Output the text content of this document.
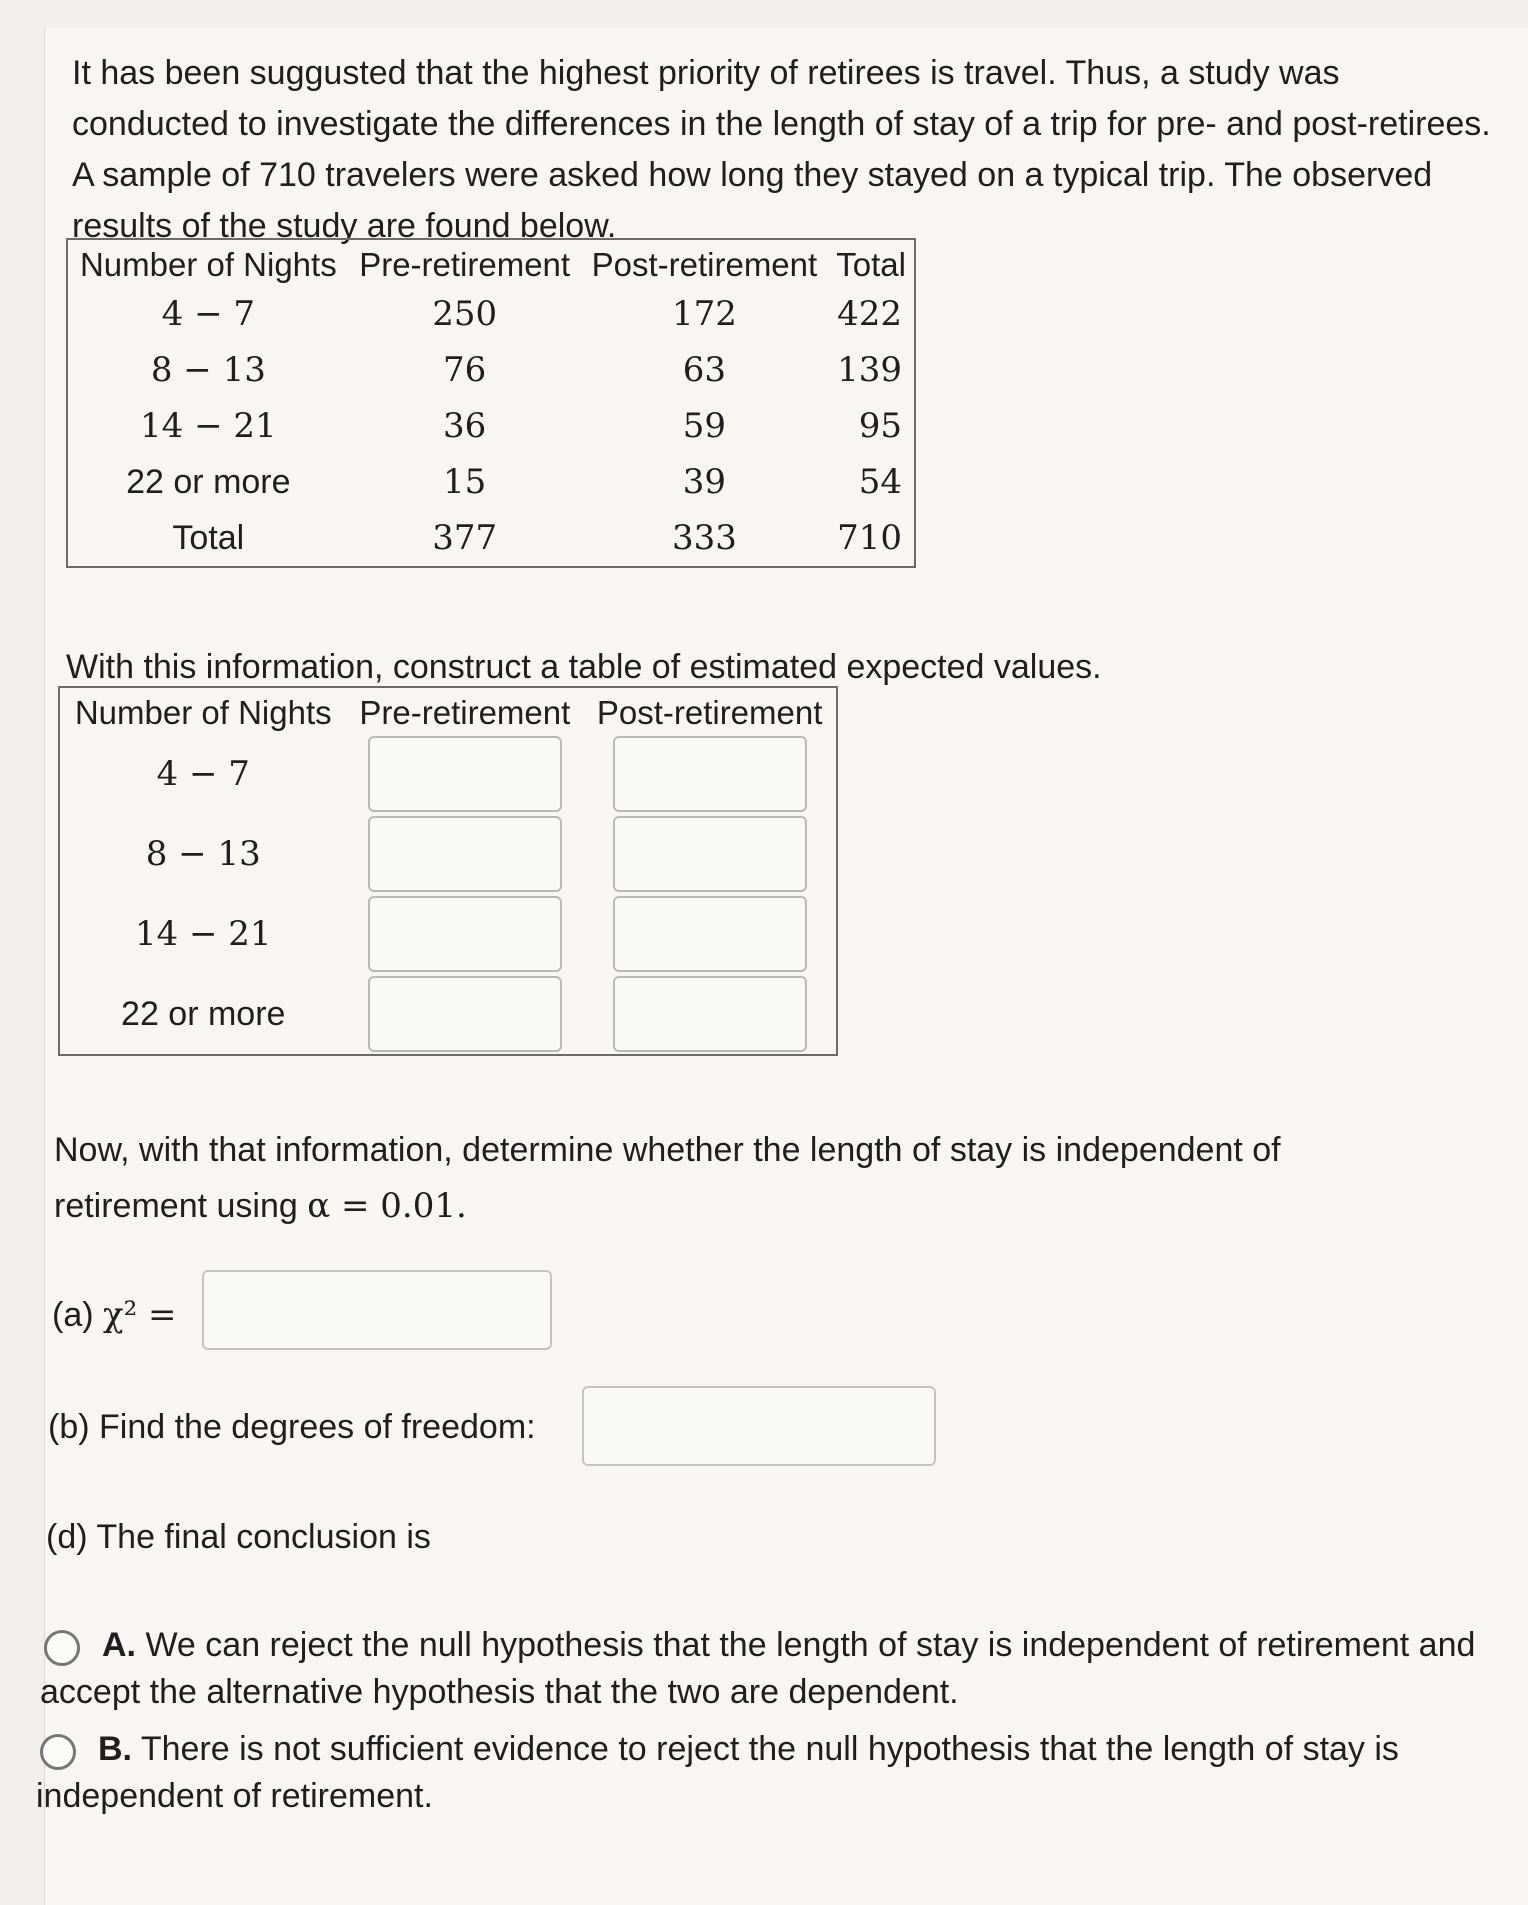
It has been suggusted that the highest priority of retirees is travel. Thus, a study was conducted to investigate the differences in the length of stay of a trip for pre- and post-retirees. A sample of 710 travelers were asked how long they stayed on a typical trip. The observed results of the study are found below.
Number of Nights	Pre-retirement	Post-retirement	Total
4 − 7	250	172	422
8 − 13	76	63	139
14 − 21	36	59	95
22 or more	15	39	54
Total	377	333	710
With this information, construct a table of estimated expected values.
Number of Nights	Pre-retirement	Post-retirement
4 − 7	

8 − 13	

14 − 21	

22 or more	

Now, with that information, determine whether the length of stay is independent of
retirement using α = 0.01.
(a) χ² =
(b) Find the degrees of freedom:
(d) The final conclusion is
A. We can reject the null hypothesis that the length of stay is independent of retirement and accept the alternative hypothesis that the two are dependent.
B. There is not sufficient evidence to reject the null hypothesis that the length of stay is independent of retirement.
